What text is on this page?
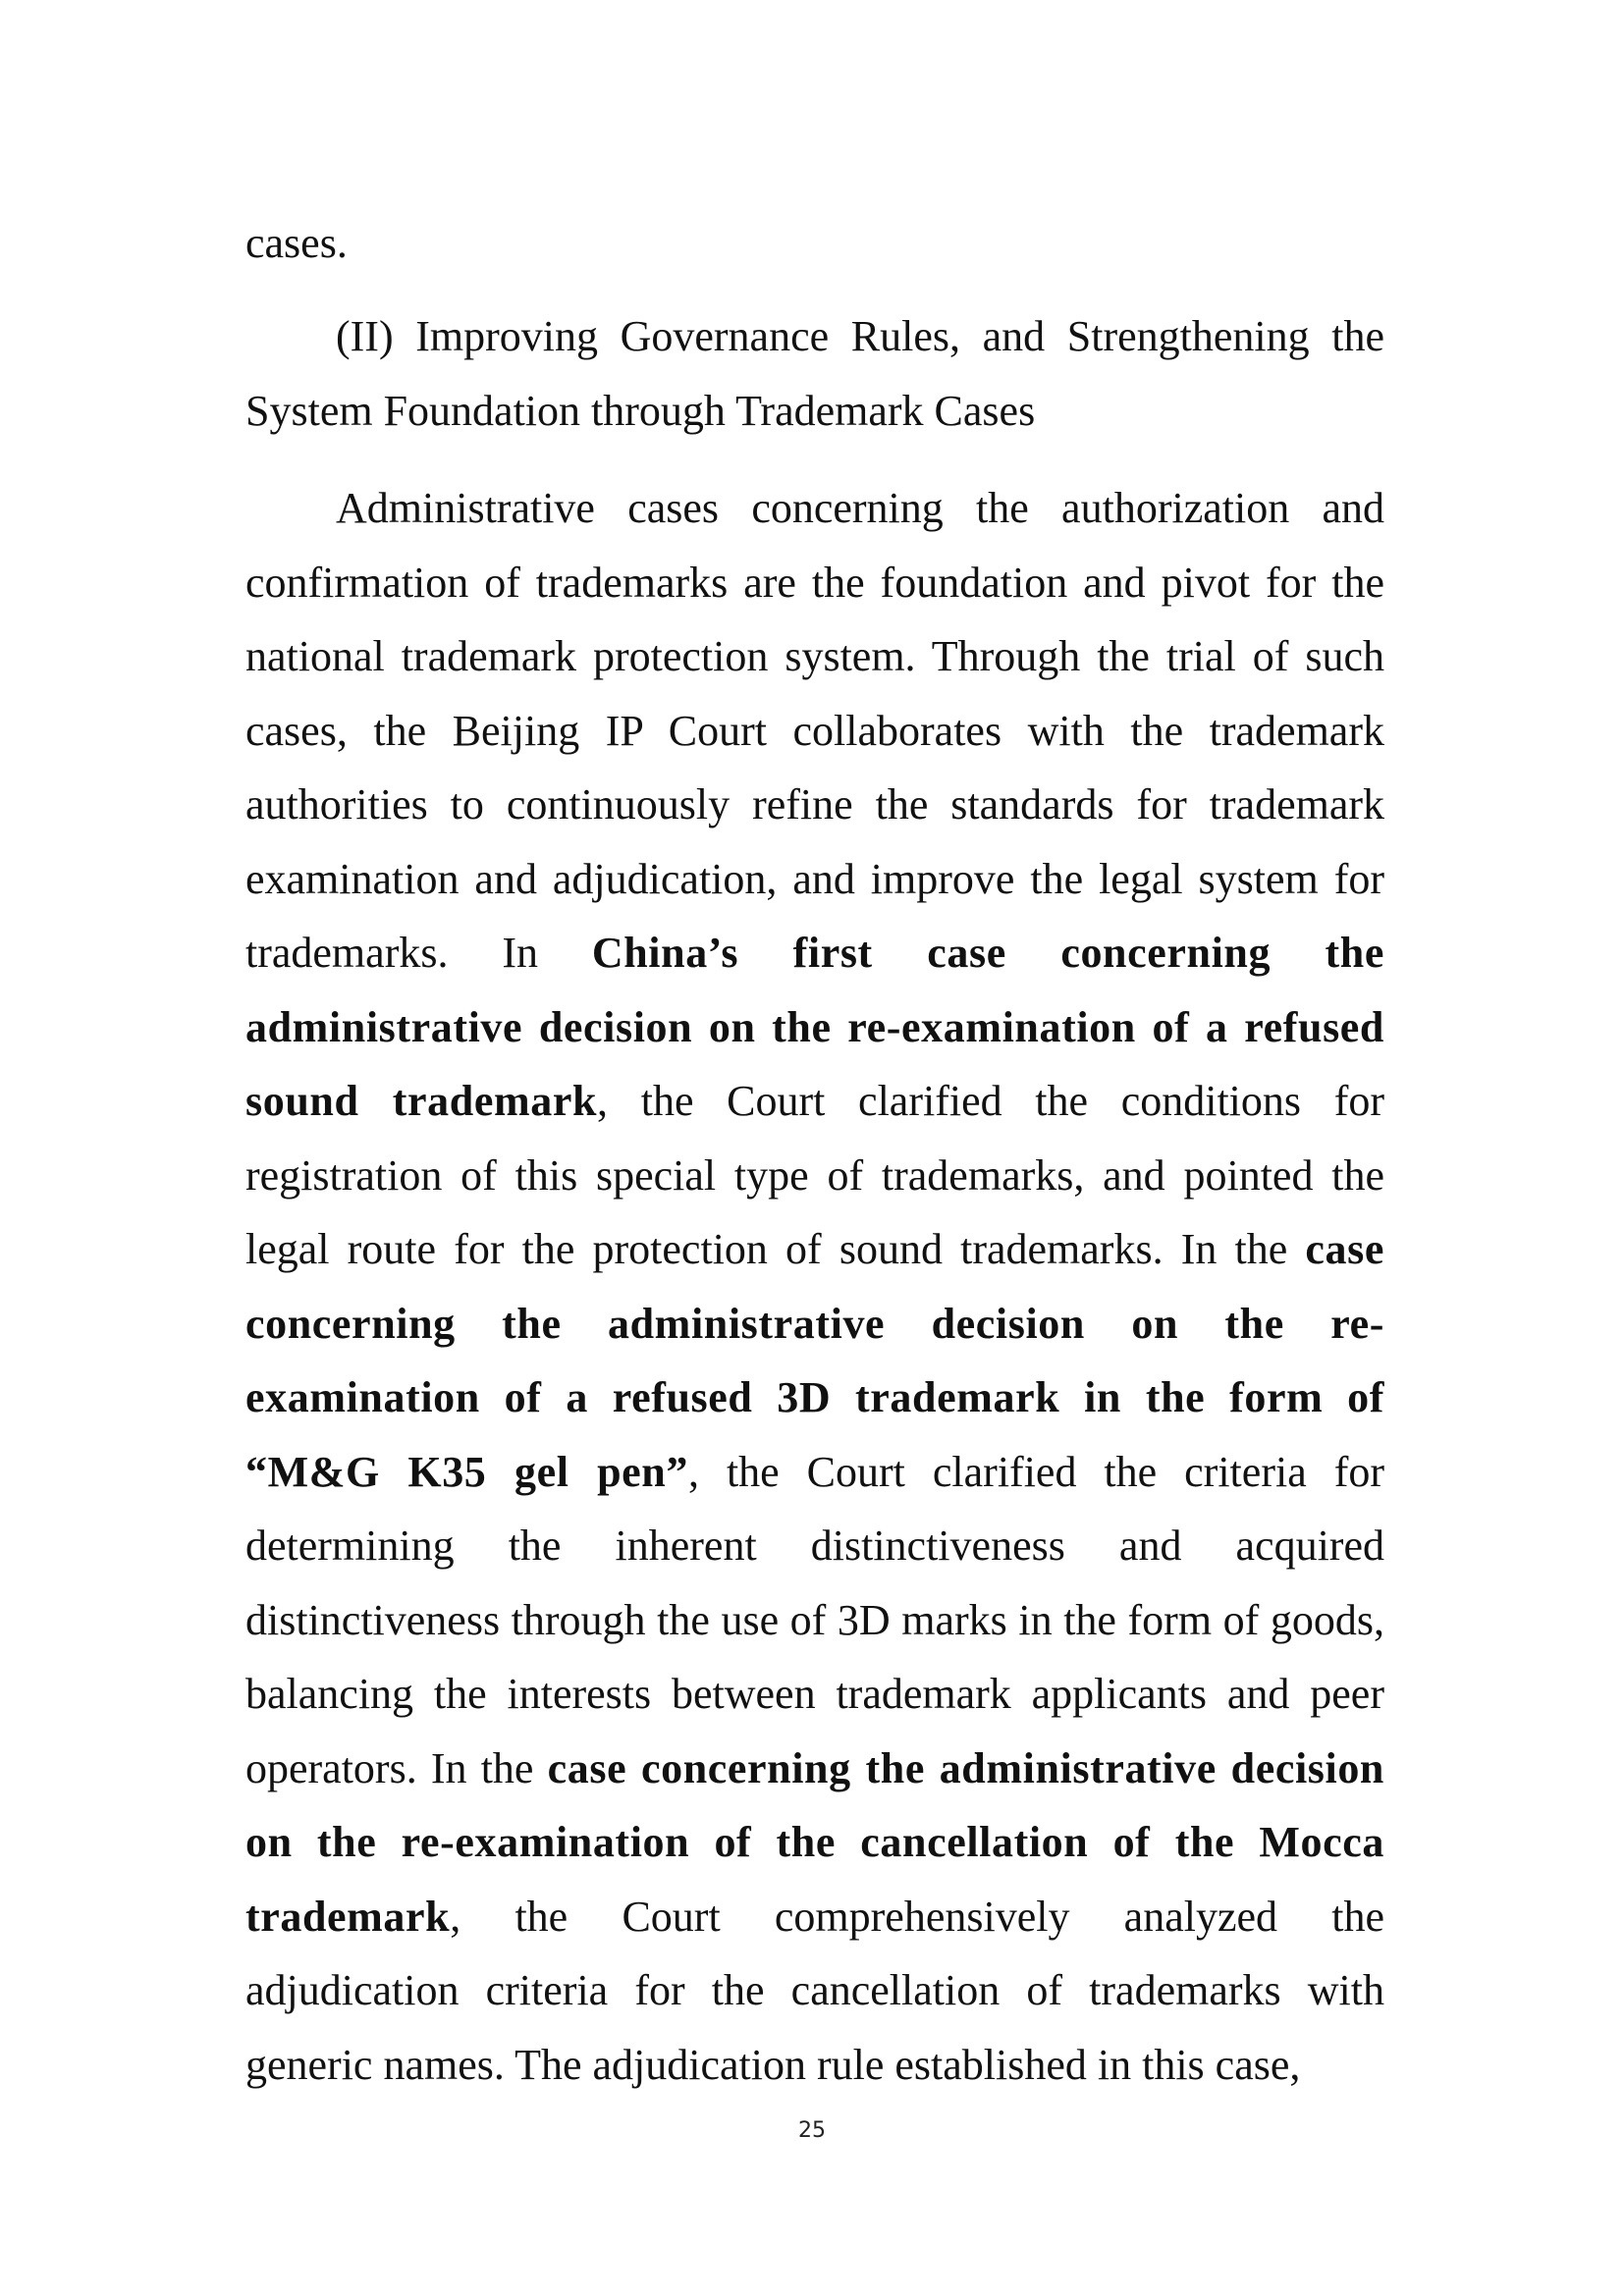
cases.

(II) Improving Governance Rules, and Strengthening the System Foundation through Trademark Cases

Administrative cases concerning the authorization and confirmation of trademarks are the foundation and pivot for the national trademark protection system. Through the trial of such cases, the Beijing IP Court collaborates with the trademark authorities to continuously refine the standards for trademark examination and adjudication, and improve the legal system for trademarks. In China’s first case concerning the administrative decision on the re-examination of a refused sound trademark, the Court clarified the conditions for registration of this special type of trademarks, and pointed the legal route for the protection of sound trademarks. In the case concerning the administrative decision on the re-examination of a refused 3D trademark in the form of “M&G K35 gel pen”, the Court clarified the criteria for determining the inherent distinctiveness and acquired distinctiveness through the use of 3D marks in the form of goods, balancing the interests between trademark applicants and peer operators. In the case concerning the administrative decision on the re-examination of the cancellation of the Mocca trademark, the Court comprehensively analyzed the adjudication criteria for the cancellation of trademarks with generic names. The adjudication rule established in this case,

25
